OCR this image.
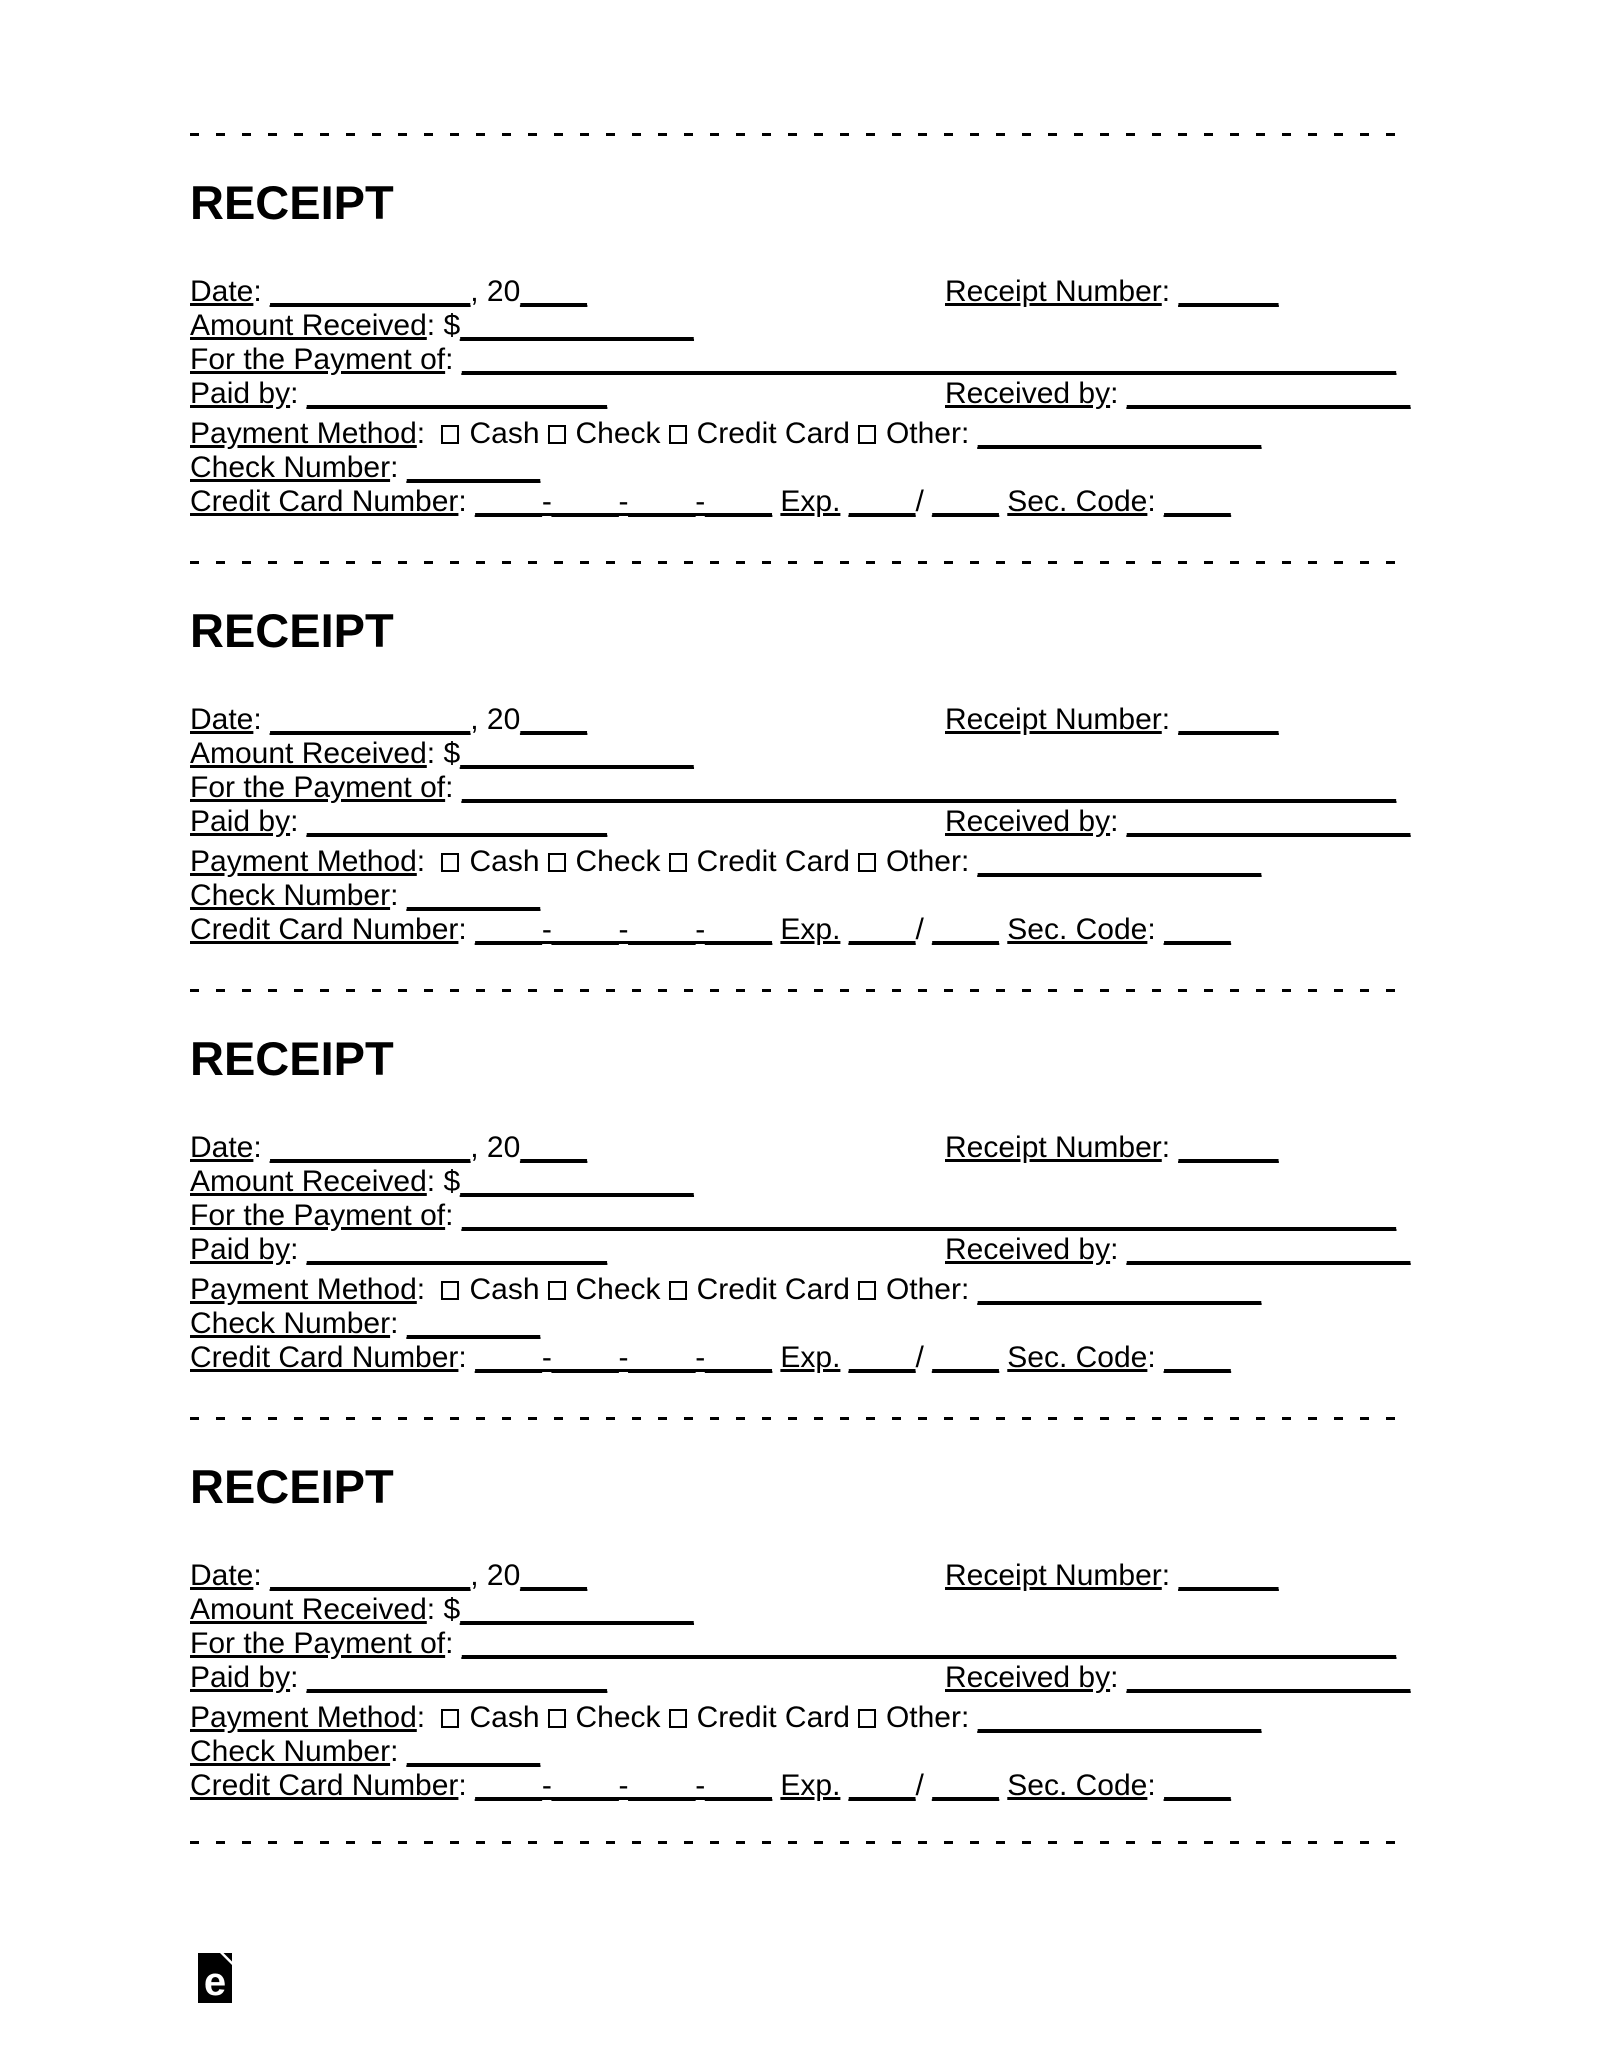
RECEIPT
Date: ____________, 20____	Receipt Number: ______
Amount Received: $______________
For the Payment of: ________________________________________________________
Paid by: __________________	Received by: _________________
Payment Method: Cash Check Credit Card Other: _________________
Check Number: ________
Credit Card Number: ____-____-____-____ Exp. ____/ ____ Sec. Code: ____
RECEIPT
Date: ____________, 20____	Receipt Number: ______
Amount Received: $______________
For the Payment of: ________________________________________________________
Paid by: __________________	Received by: _________________
Payment Method: Cash Check Credit Card Other: _________________
Check Number: ________
Credit Card Number: ____-____-____-____ Exp. ____/ ____ Sec. Code: ____
RECEIPT
Date: ____________, 20____	Receipt Number: ______
Amount Received: $______________
For the Payment of: ________________________________________________________
Paid by: __________________	Received by: _________________
Payment Method: Cash Check Credit Card Other: _________________
Check Number: ________
Credit Card Number: ____-____-____-____ Exp. ____/ ____ Sec. Code: ____
RECEIPT
Date: ____________, 20____	Receipt Number: ______
Amount Received: $______________
For the Payment of: ________________________________________________________
Paid by: __________________	Received by: _________________
Payment Method: Cash Check Credit Card Other: _________________
Check Number: ________
Credit Card Number: ____-____-____-____ Exp. ____/ ____ Sec. Code: ____
e
